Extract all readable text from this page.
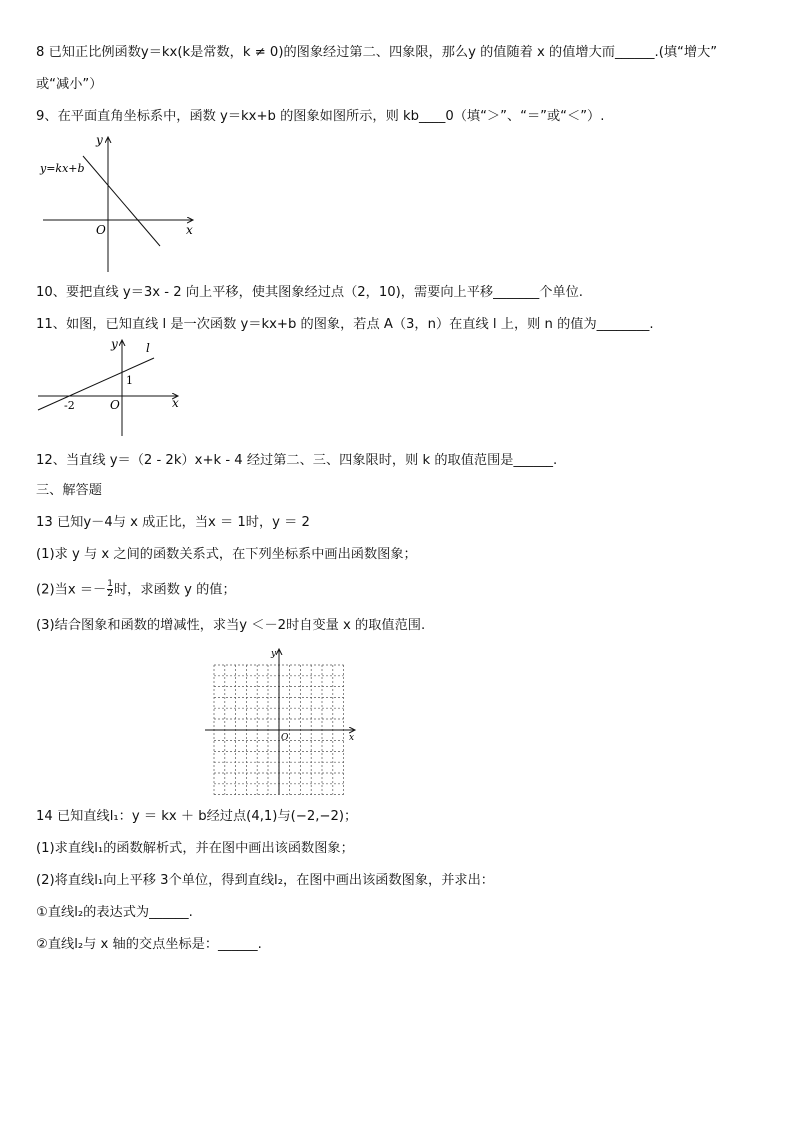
8 已知正比例函数y＝kx(k是常数，k ≠ 0)的图象经过第二、四象限，那么y 的值随着 x 的值增大而______.(填“增大”
或“减小”）
9、在平面直角坐标系中，函数 y＝kx+b 的图象如图所示，则 kb____0（填“＞”、“＝”或“＜”）.
y
x
O
y=kx+b
10、要把直线 y＝3x - 2 向上平移，使其图象经过点（2，10)，需要向上平移_______个单位.
11、如图，已知直线 l 是一次函数 y＝kx+b 的图象，若点 A（3，n）在直线 l 上，则 n 的值为________.
y l
1
-2	O	x
12、当直线 y＝（2 - 2k）x+k - 4 经过第二、三、四象限时，则 k 的取值范围是______.
三、解答题
13 已知y－4与 x 成正比，当x ＝ 1时，y ＝ 2
(1)求 y 与 x 之间的函数关系式，在下列坐标系中画出函数图象；
(2)当$x =- \frac{1}{2}$ 时，求函数 y 的值；
(3)结合图象和函数的增减性，求当y ＜－2时自变量 x 的取值范围.
y
x
O
14 已知直线l₁：y ＝ kx ＋ b经过点(4,1)与(−2,−2)；
(1)求直线l₁的函数解析式，并在图中画出该函数图象；
(2)将直线l₁向上平移 3个单位，得到直线l₂，在图中画出该函数图象，并求出：
①直线l₂的表达式为______.
②直线l₂与 x 轴的交点坐标是：______.
